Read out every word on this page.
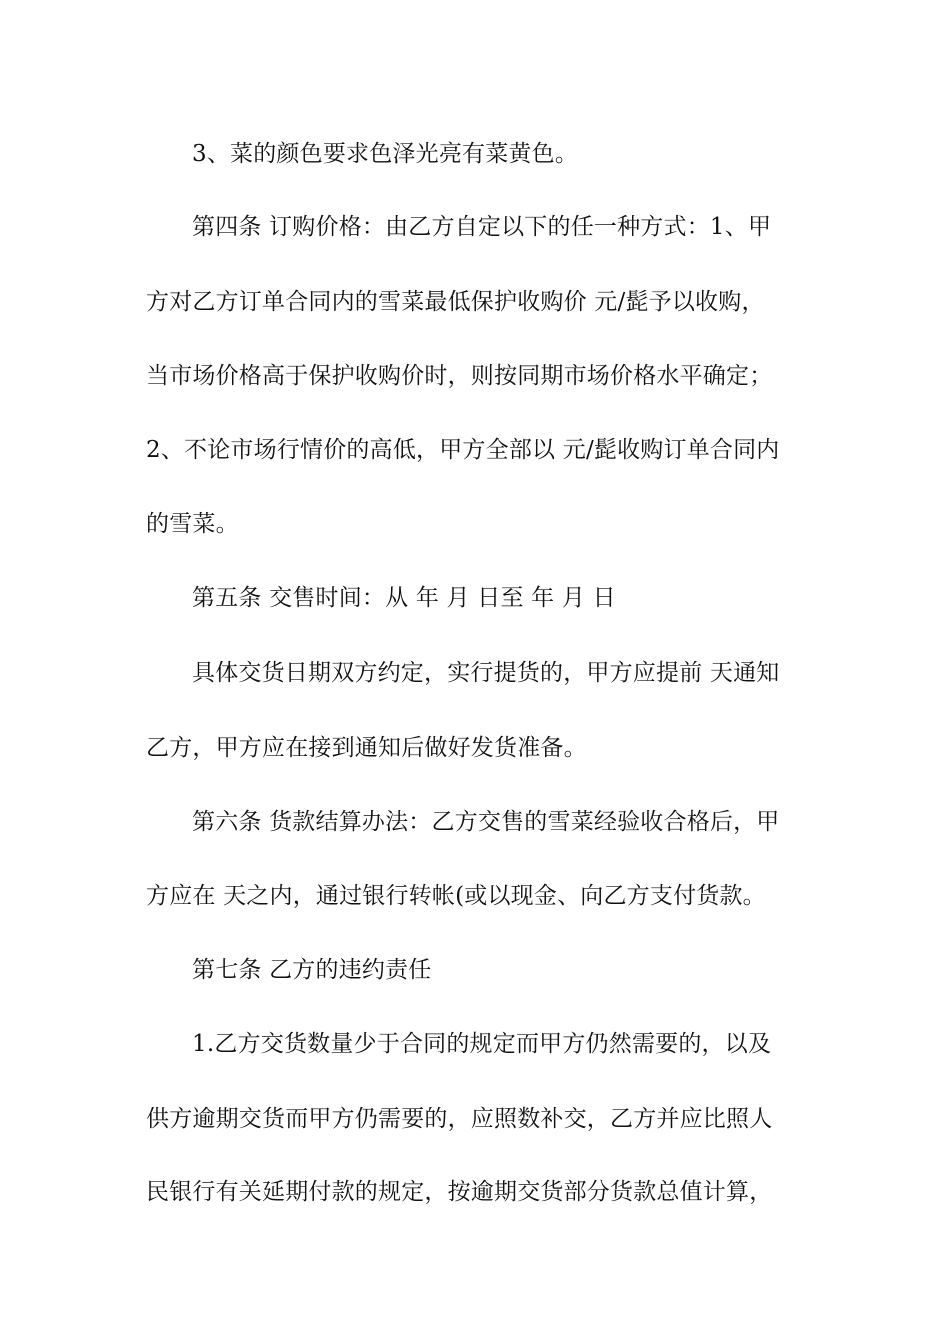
3、菜的颜色要求色泽光亮有菜黄色。
第四条 订购价格：由乙方自定以下的任一种方式：1、甲
方对乙方订单合同内的雪菜最低保护收购价 元/髭予以收购，
当市场价格高于保护收购价时，则按同期市场价格水平确定；
2、不论市场行情价的高低，甲方全部以 元/髭收购订单合同内
的雪菜。
第五条 交售时间：从 年 月 日至 年 月 日
具体交货日期双方约定，实行提货的，甲方应提前 天通知
乙方，甲方应在接到通知后做好发货准备。
第六条 货款结算办法：乙方交售的雪菜经验收合格后，甲
方应在 天之内，通过银行转帐(或以现金、向乙方支付货款。
第七条 乙方的违约责任
1.乙方交货数量少于合同的规定而甲方仍然需要的，以及
供方逾期交货而甲方仍需要的，应照数补交，乙方并应比照人
民银行有关延期付款的规定，按逾期交货部分货款总值计算，
